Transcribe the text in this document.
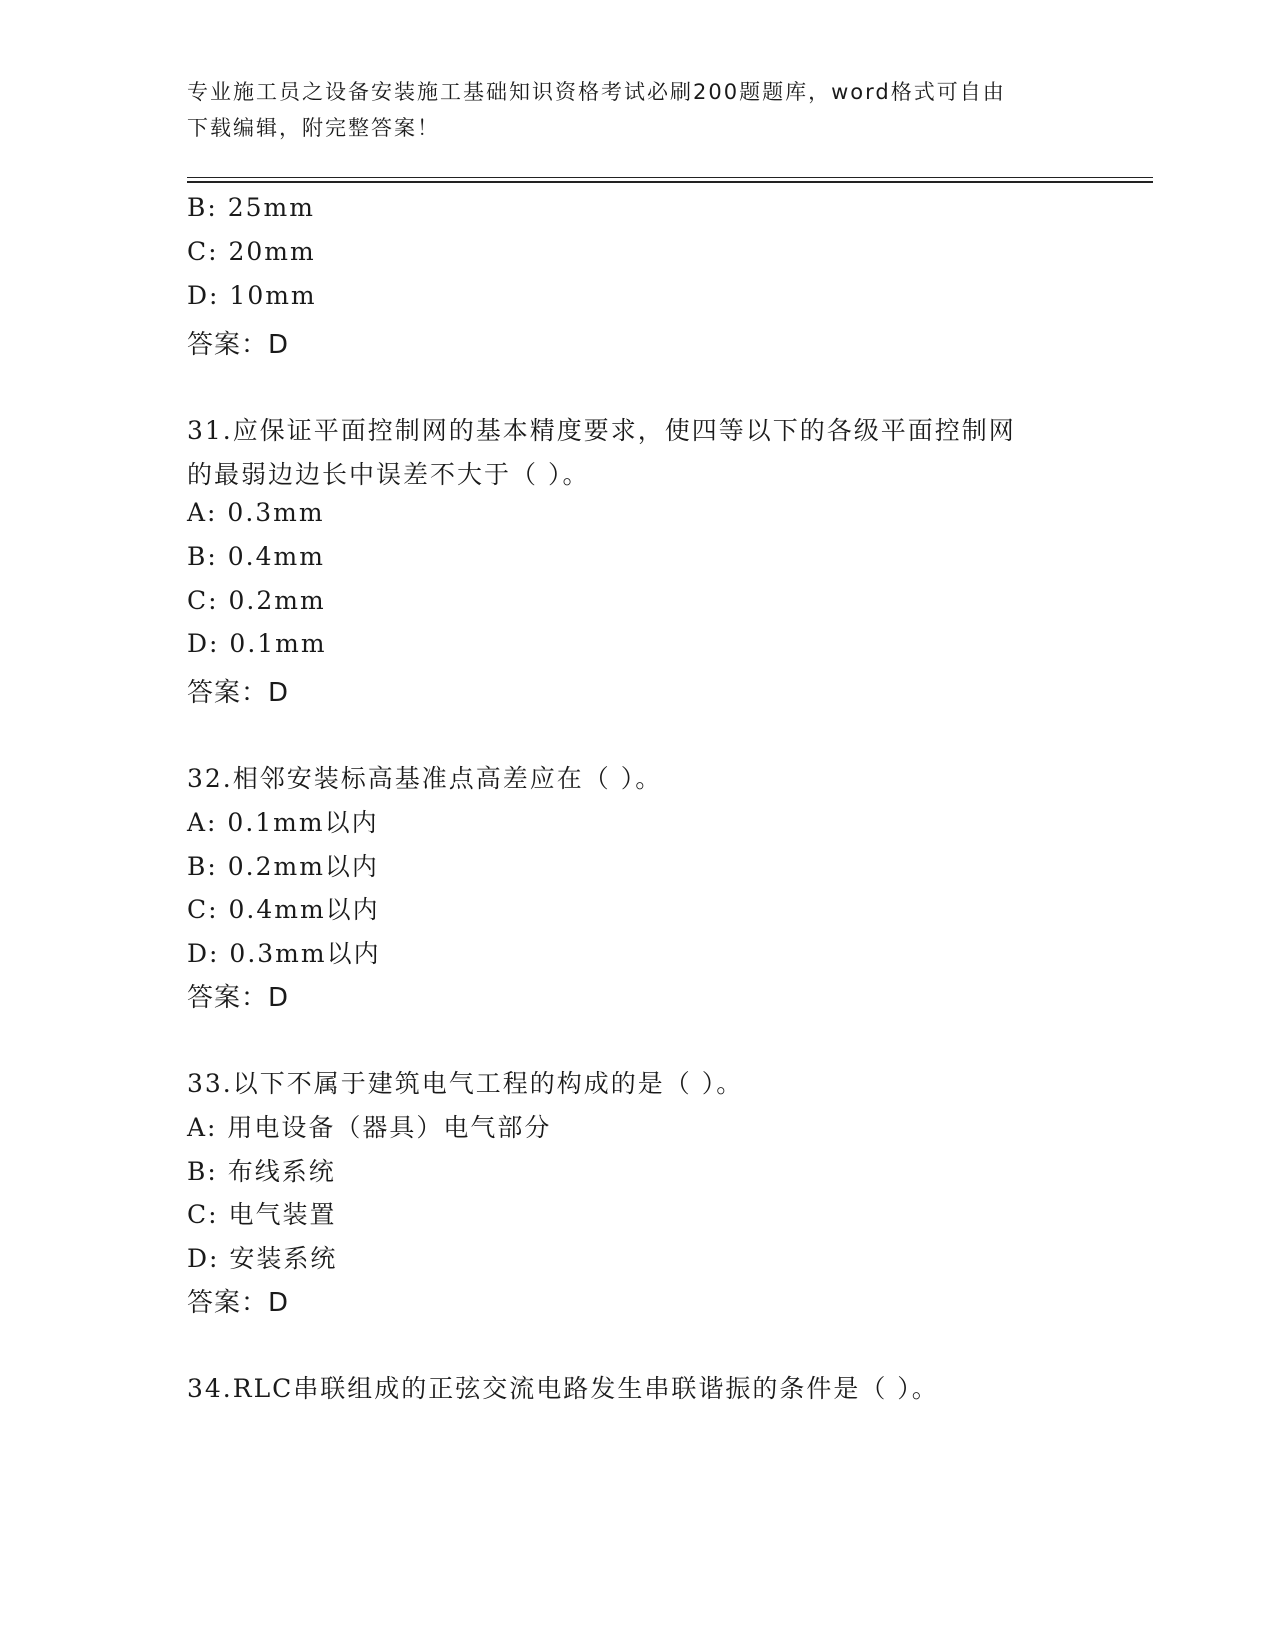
专业施工员之设备安装施工基础知识资格考试必刷200题题库，word格式可自由
下载编辑，附完整答案！
B: 25mm
C: 20mm
D: 10mm
答案：D
31.应保证平面控制网的基本精度要求，使四等以下的各级平面控制网
的最弱边边长中误差不大于（ ）。
A: 0.3mm
B: 0.4mm
C: 0.2mm
D: 0.1mm
答案：D
32.相邻安装标高基准点高差应在（ ）。
A: 0.1mm以内
B: 0.2mm以内
C: 0.4mm以内
D: 0.3mm以内
答案：D
33.以下不属于建筑电气工程的构成的是（ ）。
A: 用电设备（器具）电气部分
B: 布线系统
C: 电气装置
D: 安装系统
答案：D
34.RLC串联组成的正弦交流电路发生串联谐振的条件是（ ）。
